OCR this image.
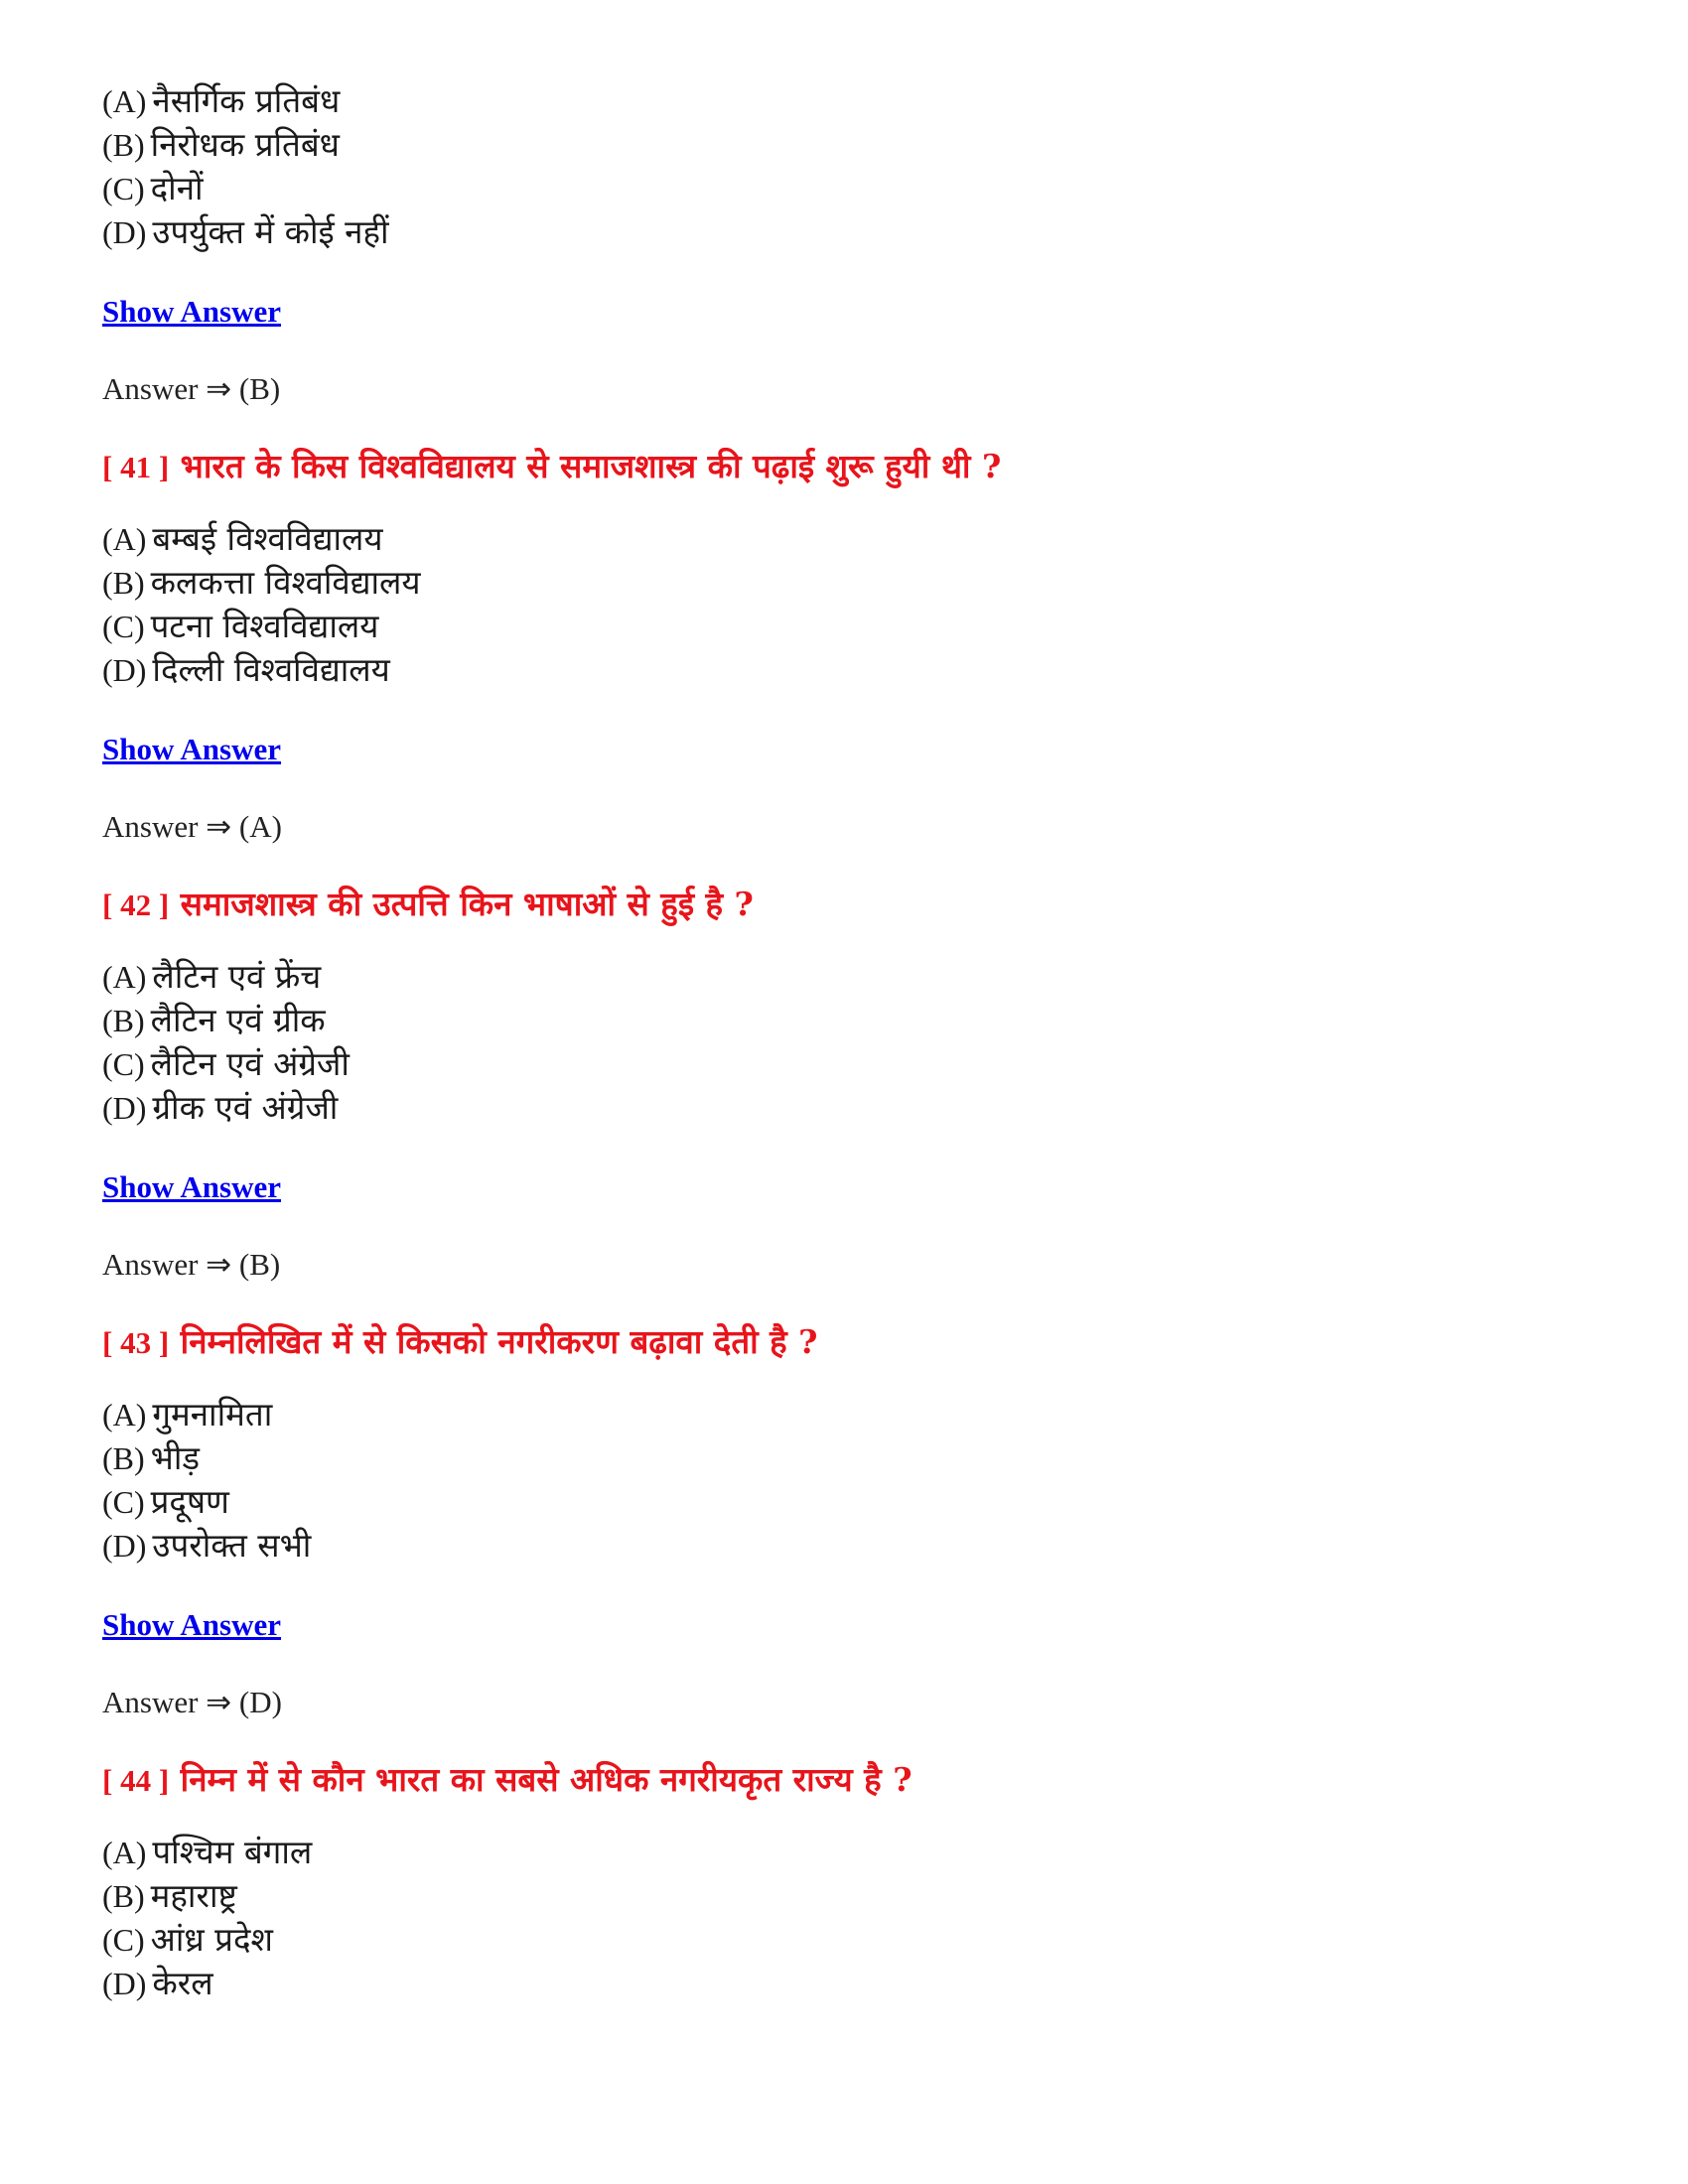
(A) नैसर्गिक प्रतिबंध

(B) निरोधक प्रतिबंध

(C) दोनों

(D) उपर्युक्त में कोई नहीं

Show Answer
Answer ⇒ (B)
[ 41 ] भारत के किस विश्वविद्यालय से समाजशास्त्र की पढ़ाई शुरू हुयी थी ?

(A) बम्बई विश्वविद्यालय

(B) कलकत्ता विश्वविद्यालय

(C) पटना विश्वविद्यालय

(D) दिल्ली विश्वविद्यालय

Show Answer
Answer ⇒ (A)
[ 42 ] समाजशास्त्र की उत्पत्ति किन भाषाओं से हुई है ?

(A) लैटिन एवं फ्रेंच

(B) लैटिन एवं ग्रीक

(C) लैटिन एवं अंग्रेजी

(D) ग्रीक एवं अंग्रेजी

Show Answer
Answer ⇒ (B)
[ 43 ] निम्नलिखित में से किसको नगरीकरण बढ़ावा देती है ?

(A) गुमनामिता

(B) भीड़

(C) प्रदूषण

(D) उपरोक्त सभी

Show Answer
Answer ⇒ (D)
[ 44 ] निम्न में से कौन भारत का सबसे अधिक नगरीयकृत राज्य है ?

(A) पश्चिम बंगाल

(B) महाराष्ट्र

(C) आंध्र प्रदेश

(D) केरल
